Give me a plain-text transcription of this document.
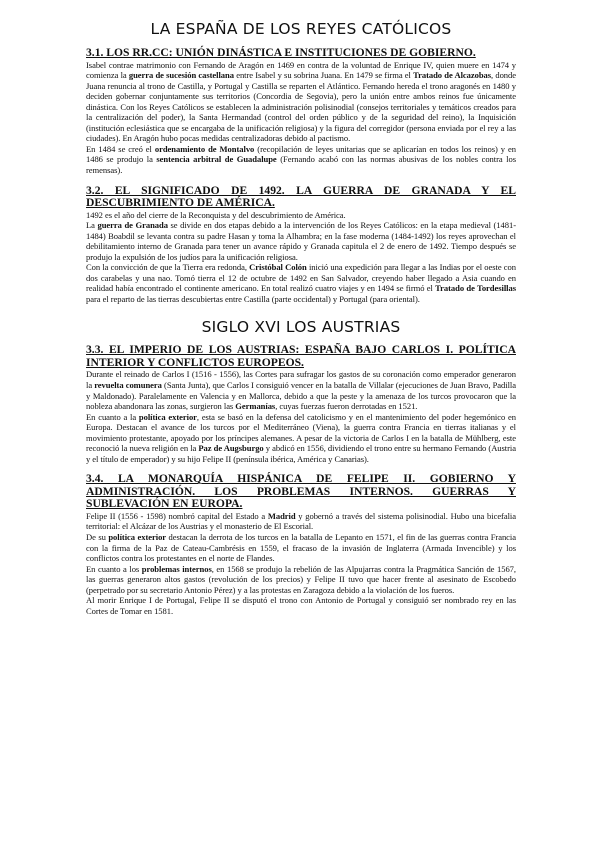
LA ESPAÑA DE LOS REYES CATÓLICOS
3.1. LOS RR.CC: UNIÓN DINÁSTICA E INSTITUCIONES DE GOBIERNO.

Isabel contrae matrimonio con Fernando de Aragón en 1469 en contra de la voluntad de Enrique IV, quien muere en 1474 y comienza la guerra de sucesión castellana entre Isabel y su sobrina Juana. En 1479 se firma el Tratado de Alcazobas, donde Juana renuncia al trono de Castilla, y Portugal y Castilla se reparten el Atlántico. Fernando hereda el trono aragonés en 1480 y deciden gobernar conjuntamente sus territorios (Concordia de Segovia), pero la unión entre ambos reinos fue únicamente dinástica. Con los Reyes Católicos se establecen la administración polisinodial (consejos territoriales y temáticos creados para la centralización del poder), la Santa Hermandad (control del orden público y de la seguridad del reino), la Inquisición (institución eclesiástica que se encargaba de la unificación religiosa) y la figura del corregidor (persona enviada por el rey a las ciudades). En Aragón hubo pocas medidas centralizadoras debido al pactismo.

En 1484 se creó el ordenamiento de Montalvo (recopilación de leyes unitarias que se aplicarían en todos los reinos) y en 1486 se produjo la sentencia arbitral de Guadalupe (Fernando acabó con las normas abusivas de los nobles contra los remensas).

3.2. EL SIGNIFICADO DE 1492. LA GUERRA DE GRANADA Y EL DESCUBRIMIENTO DE AMÉRICA.

1492 es el año del cierre de la Reconquista y del descubrimiento de América.

La guerra de Granada se divide en dos etapas debido a la intervención de los Reyes Católicos: en la etapa medieval (1481-1484) Boabdil se levanta contra su padre Hasan y toma la Alhambra; en la fase moderna (1484-1492) los reyes aprovechan el debilitamiento interno de Granada para tener un avance rápido y Granada capitula el 2 de enero de 1492. Tiempo después se produjo la expulsión de los judíos para la unificación religiosa.

Con la convicción de que la Tierra era redonda, Cristóbal Colón inició una expedición para llegar a las Indias por el oeste con dos carabelas y una nao. Tomó tierra el 12 de octubre de 1492 en San Salvador, creyendo haber llegado a Asia cuando en realidad había encontrado el continente americano. En total realizó cuatro viajes y en 1494 se firmó el Tratado de Tordesillas para el reparto de las tierras descubiertas entre Castilla (parte occidental) y Portugal (para oriental).

SIGLO XVI LOS AUSTRIAS
3.3. EL IMPERIO DE LOS AUSTRIAS: ESPAÑA BAJO CARLOS I. POLÍTICA INTERIOR Y CONFLICTOS EUROPEOS.

Durante el reinado de Carlos I (1516 - 1556), las Cortes para sufragar los gastos de su coronación como emperador generaron la revuelta comunera (Santa Junta), que Carlos I consiguió vencer en la batalla de Villalar (ejecuciones de Juan Bravo, Padilla y Maldonado). Paralelamente en Valencia y en Mallorca, debido a que la peste y la amenaza de los turcos provocaron que la nobleza abandonara las zonas, surgieron las Germanías, cuyas fuerzas fueron derrotadas en 1521.

En cuanto a la política exterior, esta se basó en la defensa del catolicismo y en el mantenimiento del poder hegemónico en Europa. Destacan el avance de los turcos por el Mediterráneo (Viena), la guerra contra Francia en tierras italianas y el movimiento protestante, apoyado por los príncipes alemanes. A pesar de la victoria de Carlos I en la batalla de Mühlberg, este reconoció la nueva religión en la Paz de Augsburgo y abdicó en 1556, dividiendo el trono entre su hermano Fernando (Austria y el título de emperador) y su hijo Felipe II (península ibérica, América y Canarias).

3.4. LA MONARQUÍA HISPÁNICA DE FELIPE II. GOBIERNO Y ADMINISTRACIÓN. LOS PROBLEMAS INTERNOS. GUERRAS Y SUBLEVACIÓN EN EUROPA.

Felipe II (1556 - 1598) nombró capital del Estado a Madrid y gobernó a través del sistema polisinodial. Hubo una bicefalia territorial: el Alcázar de los Austrias y el monasterio de El Escorial.

De su política exterior destacan la derrota de los turcos en la batalla de Lepanto en 1571, el fin de las guerras contra Francia con la firma de la Paz de Cateau-Cambrésis en 1559, el fracaso de la invasión de Inglaterra (Armada Invencible) y los conflictos contra los protestantes en el norte de Flandes.

En cuanto a los problemas internos, en 1568 se produjo la rebelión de las Alpujarras contra la Pragmática Sanción de 1567, las guerras generaron altos gastos (revolución de los precios) y Felipe II tuvo que hacer frente al asesinato de Escobedo (perpetrado por su secretario Antonio Pérez) y a las protestas en Zaragoza debido a la violación de los fueros.

Al morir Enrique I de Portugal, Felipe II se disputó el trono con Antonio de Portugal y consiguió ser nombrado rey en las Cortes de Tomar en 1581.
